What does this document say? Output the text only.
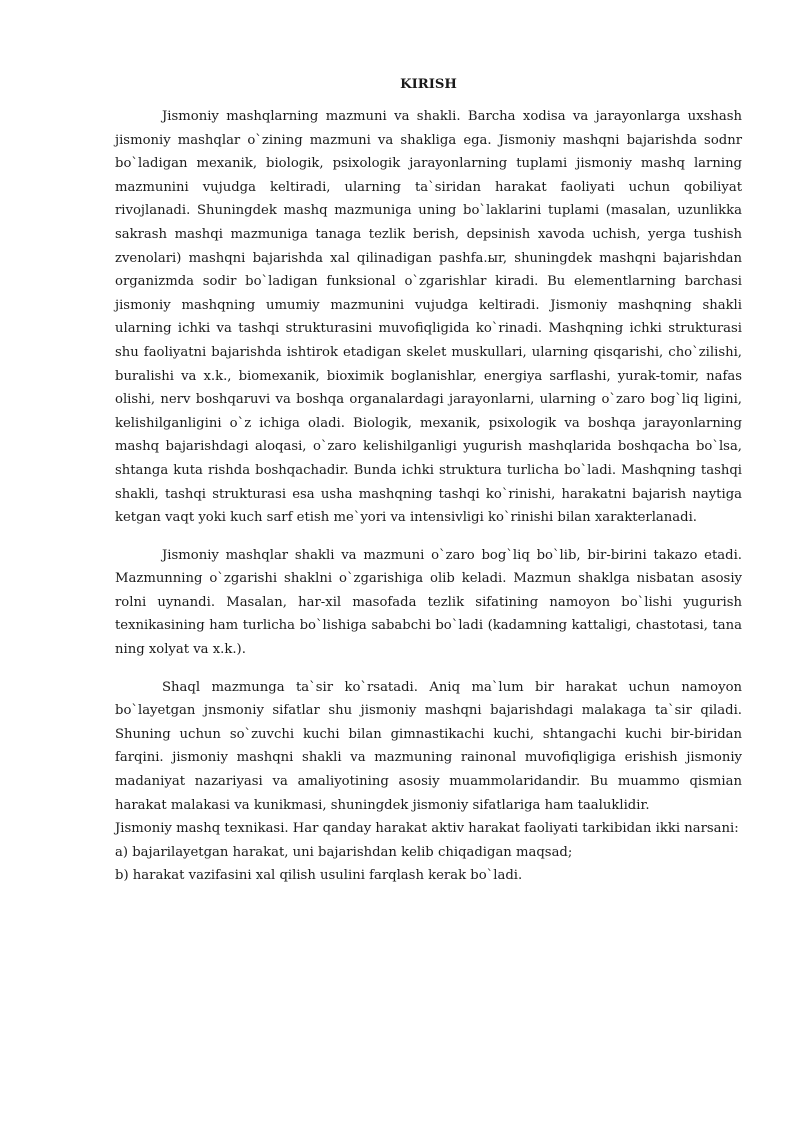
KIRISH

Jismoniy mashqlarning mazmuni va shakli. Barcha xodisa va jarayonlarga uxshash jismoniy mashqlar o`zining mazmuni va shakliga ega. Jismoniy mashqni bajarishda sodnr bo`ladigan mexanik, biologik, psixologik jarayonlarning tuplami jismoniy mashq larning mazmunini vujudga keltiradi, ularning ta`siridan harakat faoliyati uchun qobiliyat rivojlanadi. Shuningdek mashq mazmuniga uning bo`laklarini tuplami (masalan, uzunlikka sakrash mashqi mazmuniga tanaga tezlik berish, depsinish xavoda uchish, yerga tushish zvenolari) mashqni bajarishda xal qilinadigan pashfa.ыr, shuningdek mashqni bajarishdan organizmda sodir bo`ladigan funksional o`zgarishlar kiradi. Bu elementlarning barchasi jismoniy mashqning umumiy mazmunini vujudga keltiradi. Jismoniy mashqning shakli ularning ichki va tashqi strukturasini muvofiqligida ko`rinadi. Mashqning ichki strukturasi shu faoliyatni bajarishda ishtirok etadigan skelet muskullari, ularning qisqarishi, cho`zilishi, buralishi va x.k., biomexanik, bioximik boglanishlar, energiya sarflashi, yurak-tomir, nafas olishi, nerv boshqaruvi va boshqa organalardagi jarayonlarni, ularning o`zaro bog`liq ligini, kelishilganligini o`z ichiga oladi. Biologik, mexanik, psixologik va boshqa jarayonlarning mashq bajarishdagi aloqasi, o`zaro kelishilganligi yugurish mashqlarida boshqacha bo`lsa, shtanga kuta rishda boshqachadir. Bunda ichki struktura turlicha bo`ladi. Mashqning tashqi shakli, tashqi strukturasi esa usha mashqning tashqi ko`rinishi, harakatni bajarish naytiga ketgan vaqt yoki kuch sarf etish me`yori va intensivligi ko`rinishi bilan xarakterlanadi.

Jismoniy mashqlar shakli va mazmuni o`zaro bog`liq bo`lib, bir-birini takazo etadi. Mazmunning o`zgarishi shaklni o`zgarishiga olib keladi. Mazmun shaklga nisbatan asosiy rolni uynandi. Masalan, har-xil masofada tezlik sifatining namoyon bo`lishi yugurish texnikasining ham turlicha bo`lishiga sababchi bo`ladi (kadamning kattaligi, chastotasi, tana ning xolyat va x.k.).

Shaql mazmunga ta`sir ko`rsatadi. Aniq ma`lum bir harakat uchun namoyon bo`layetgan jnsmoniy sifatlar shu jismoniy mashqni bajarishdagi malakaga ta`sir qiladi. Shuning uchun so`zuvchi kuchi bilan gimnastikachi kuchi, shtangachi kuchi bir-biridan farqini. jismoniy mashqni shakli va mazmuning rainonal muvofiqligiga erishish jismoniy madaniyat nazariyasi va amaliyotining asosiy muammolaridandir. Bu muammo qismian harakat malakasi va kunikmasi, shuningdek jismoniy sifatlariga ham taaluklidir.

Jismoniy mashq texnikasi. Har qanday harakat aktiv harakat faoliyati tarkibidan ikki narsani:

a) bajarilayetgan harakat, uni bajarishdan kelib chiqadigan maqsad;

b) harakat vazifasini xal qilish usulini farqlash kerak bo`ladi.
